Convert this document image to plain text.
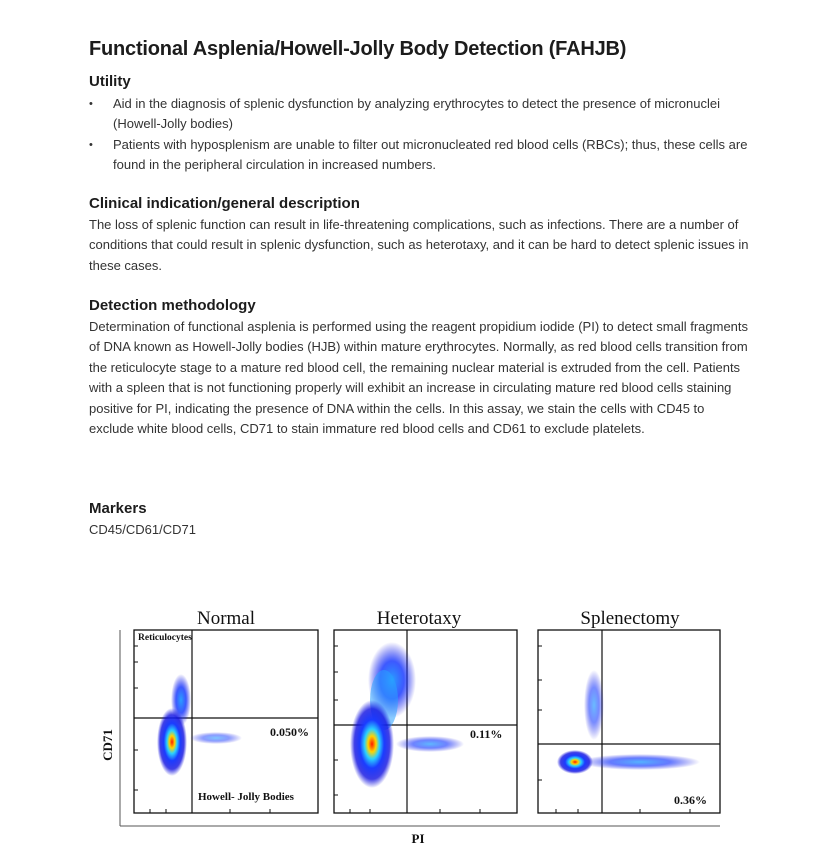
Functional Asplenia/Howell-Jolly Body Detection (FAHJB)
Utility
• Aid in the diagnosis of splenic dysfunction by analyzing erythrocytes to detect the presence of micronuclei (Howell-Jolly bodies)
• Patients with hyposplenism are unable to filter out micronucleated red blood cells (RBCs); thus, these cells are found in the peripheral circulation in increased numbers.
Clinical indication/general description
The loss of splenic function can result in life-threatening complications, such as infections. There are a number of conditions that could result in splenic dysfunction, such as heterotaxy, and it can be hard to detect splenic issues in these cases.
Detection methodology
Determination of functional asplenia is performed using the reagent propidium iodide (PI) to detect small fragments of DNA known as Howell-Jolly bodies (HJB) within mature erythrocytes. Normally, as red blood cells transition from the reticulocyte stage to a mature red blood cell, the remaining nuclear material is extruded from the cell. Patients with a spleen that is not functioning properly will exhibit an increase in circulating mature red blood cells staining positive for PI, indicating the presence of DNA within the cells. In this assay, we stain the cells with CD45 to exclude white blood cells, CD71 to stain immature red blood cells and CD61 to exclude platelets.
Markers
CD45/CD61/CD71
CD71
PI
Normal
Reticulocytes
Howell- Jolly Bodies
0.050%
Heterotaxy
0.11%
Splenectomy
0.36%
